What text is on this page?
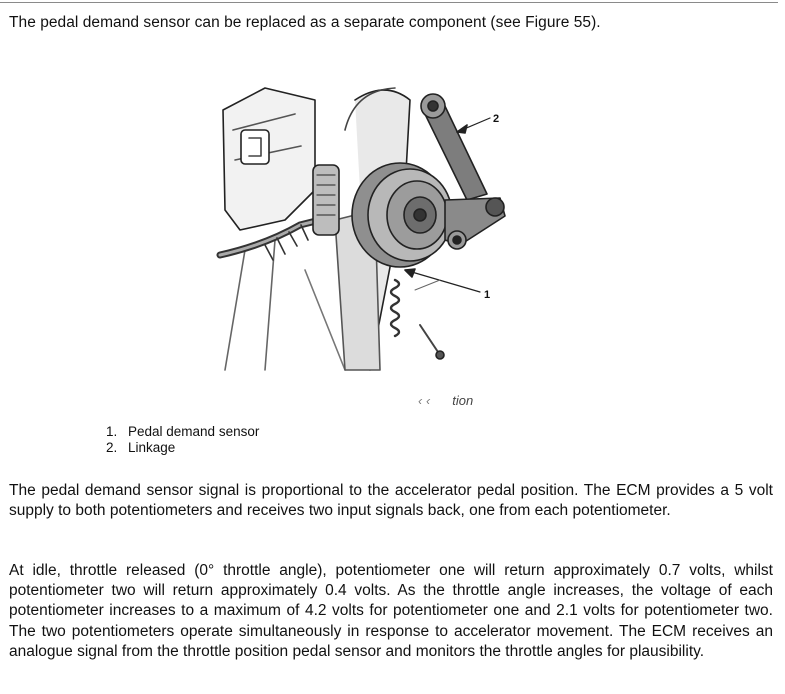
The pedal demand sensor can be replaced as a separate component (see Figure 55).
2
1
‹ ‹ tion
1. Pedal demand sensor
2. Linkage

The pedal demand sensor signal is proportional to the accelerator pedal position. The ECM provides a 5 volt supply to both potentiometers and receives two input signals back, one from each potentiometer.

At idle, throttle released (0° throttle angle), potentiometer one will return approximately 0.7 volts, whilst potentiometer two will return approximately 0.4 volts. As the throttle angle increases, the voltage of each potentiometer increases to a maximum of 4.2 volts for potentiometer one and 2.1 volts for potentiometer two. The two potentiometers operate simultaneously in response to accelerator movement. The ECM receives an analogue signal from the throttle position pedal sensor and monitors the throttle angles for plausibility.
